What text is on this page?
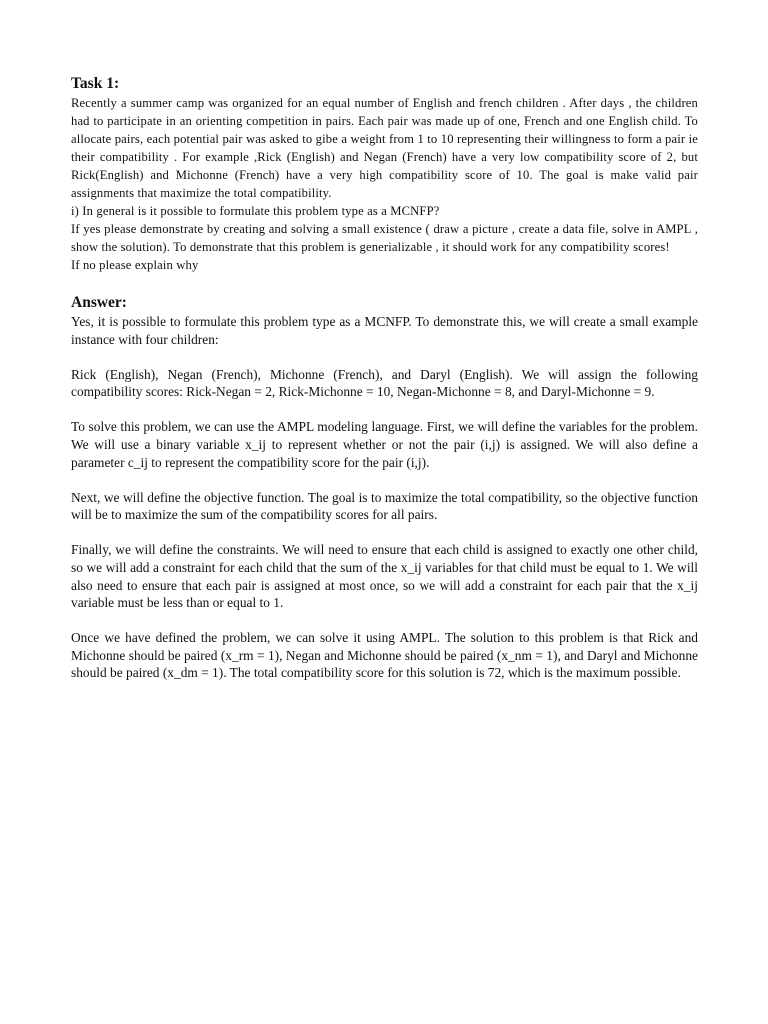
Task 1:

Recently a summer camp was organized for an equal number of English and french children . After days , the children had to participate in an orienting competition in pairs. Each pair was made up of one, French and one English child. To allocate pairs, each potential pair was asked to gibe a weight from 1 to 10 representing their willingness to form a pair ie their compatibility . For example ,Rick (English) and Negan (French) have a very low compatibility score of 2, but Rick(English) and Michonne (French) have a very high compatibility score of 10. The goal is make valid pair assignments that maximize the total compatibility.

i) In general is it possible to formulate this problem type as a MCNFP?

If yes please demonstrate by creating and solving a small existence ( draw a picture , create a data file, solve in AMPL , show the solution). To demonstrate that this problem is generializable , it should work for any compatibility scores!

If no please explain why

Answer:

Yes, it is possible to formulate this problem type as a MCNFP. To demonstrate this, we will create a small example instance with four children:

Rick (English), Negan (French), Michonne (French), and Daryl (English). We will assign the following compatibility scores: Rick-Negan = 2, Rick-Michonne = 10, Negan-Michonne = 8, and Daryl-Michonne = 9.

To solve this problem, we can use the AMPL modeling language. First, we will define the variables for the problem. We will use a binary variable x_ij to represent whether or not the pair (i,j) is assigned. We will also define a parameter c_ij to represent the compatibility score for the pair (i,j).

Next, we will define the objective function. The goal is to maximize the total compatibility, so the objective function will be to maximize the sum of the compatibility scores for all pairs.

Finally, we will define the constraints. We will need to ensure that each child is assigned to exactly one other child, so we will add a constraint for each child that the sum of the x_ij variables for that child must be equal to 1. We will also need to ensure that each pair is assigned at most once, so we will add a constraint for each pair that the x_ij variable must be less than or equal to 1.

Once we have defined the problem, we can solve it using AMPL. The solution to this problem is that Rick and Michonne should be paired (x_rm = 1), Negan and Michonne should be paired (x_nm = 1), and Daryl and Michonne should be paired (x_dm = 1). The total compatibility score for this solution is 72, which is the maximum possible.
